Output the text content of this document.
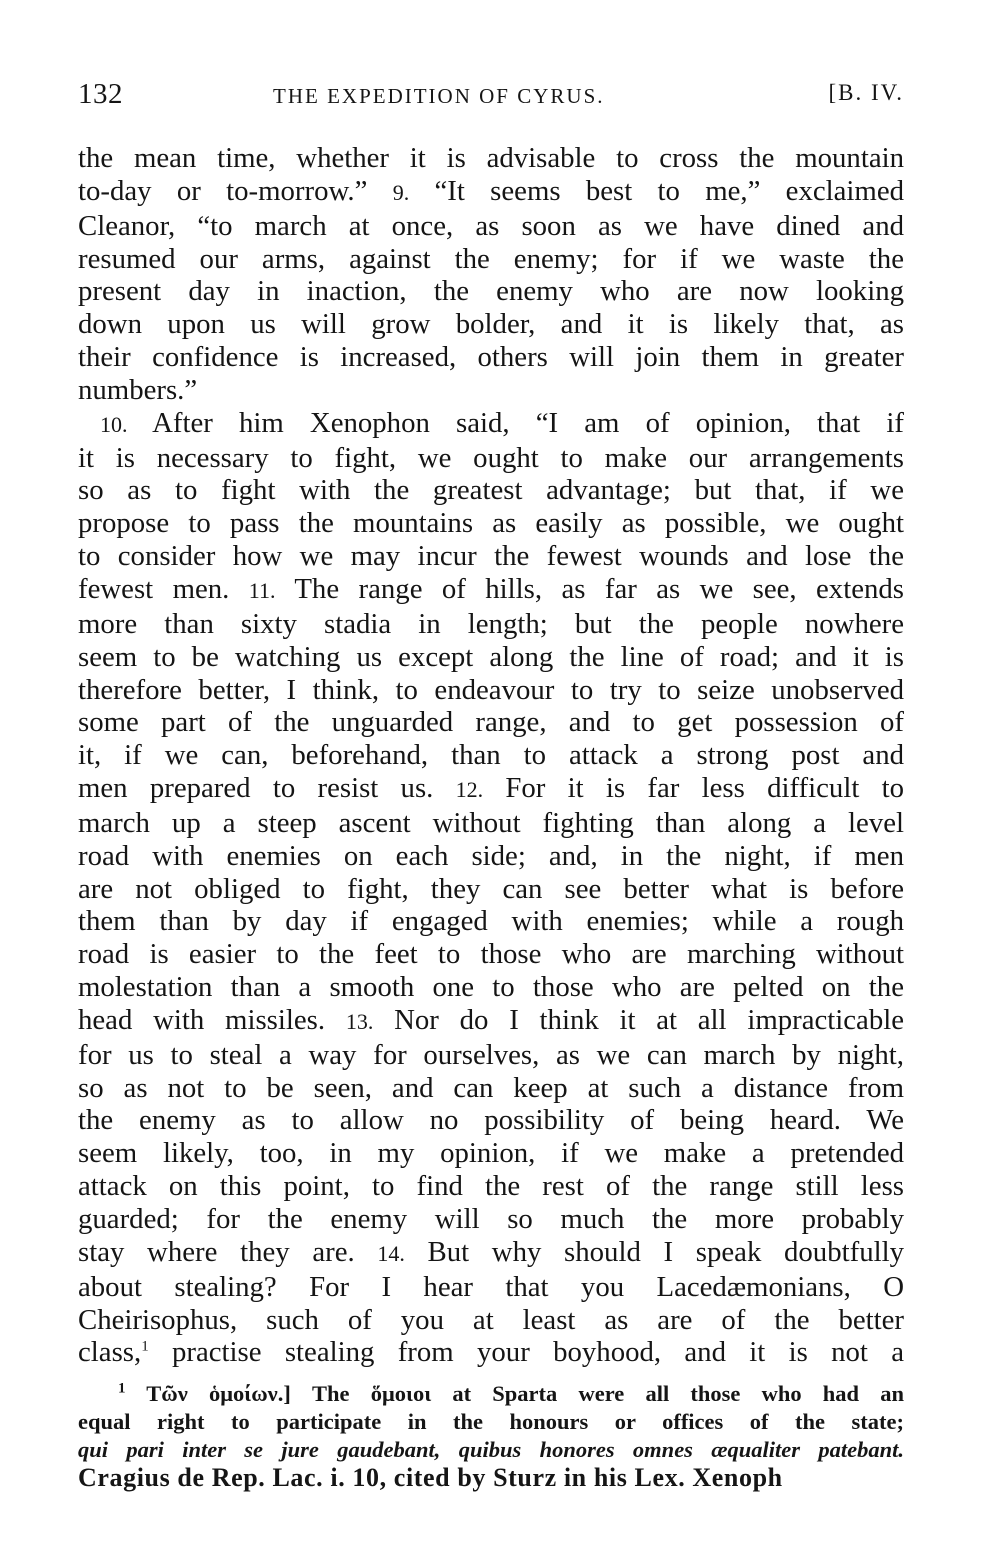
132	THE EXPEDITION OF CYRUS.	[B. IV.
the mean time, whether it is advisable to cross the mountain
to-day or to-morrow.” 9. “It seems best to me,” exclaimed
Cleanor, “to march at once, as soon as we have dined and
resumed our arms, against the enemy; for if we waste the
present day in inaction, the enemy who are now looking
down upon us will grow bolder, and it is likely that, as
their confidence is increased, others will join them in greater
numbers.”
10. After him Xenophon said, “I am of opinion, that if
it is necessary to fight, we ought to make our arrangements
so as to fight with the greatest advantage; but that, if we
propose to pass the mountains as easily as possible, we ought
to consider how we may incur the fewest wounds and lose the
fewest men. 11. The range of hills, as far as we see, extends
more than sixty stadia in length; but the people nowhere
seem to be watching us except along the line of road; and it is
therefore better, I think, to endeavour to try to seize unobserved
some part of the unguarded range, and to get possession of
it, if we can, beforehand, than to attack a strong post and
men prepared to resist us. 12. For it is far less difficult to
march up a steep ascent without fighting than along a level
road with enemies on each side; and, in the night, if men
are not obliged to fight, they can see better what is before
them than by day if engaged with enemies; while a rough
road is easier to the feet to those who are marching without
molestation than a smooth one to those who are pelted on the
head with missiles. 13. Nor do I think it at all impracticable
for us to steal a way for ourselves, as we can march by night,
so as not to be seen, and can keep at such a distance from
the enemy as to allow no possibility of being heard. We
seem likely, too, in my opinion, if we make a pretended
attack on this point, to find the rest of the range still less
guarded; for the enemy will so much the more probably
stay where they are. 14. But why should I speak doubtfully
about stealing? For I hear that you Lacedæmonians, O
Cheirisophus, such of you at least as are of the better
class,$^1$ practise stealing from your boyhood, and it is not a
$^1$ Τῶν ὁμοίων.] The ὅμοιοι at Sparta were all those who had an
equal right to participate in the honours or offices of the state;
qui pari inter se jure gaudebant, quibus honores omnes æqualiter patebant.
Cragius de Rep. Lac. i. 10, cited by Sturz in his Lex. Xenoph
